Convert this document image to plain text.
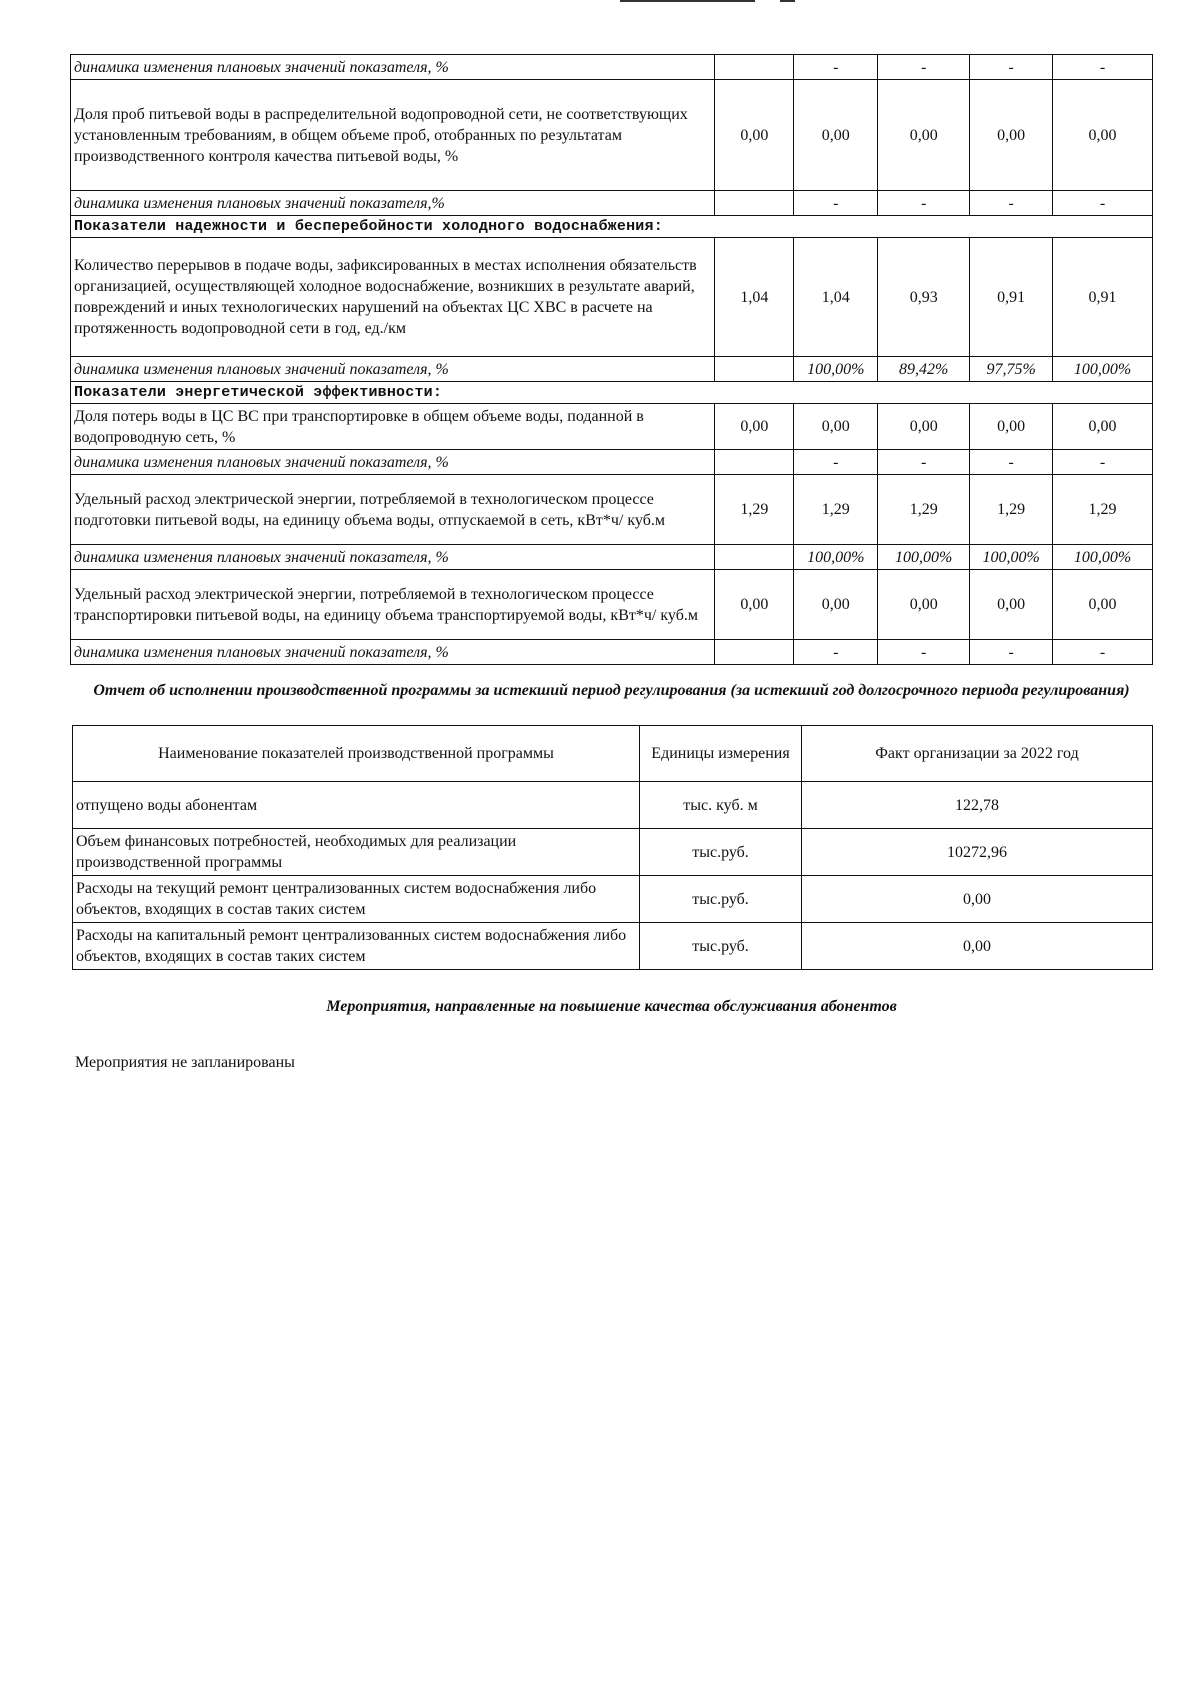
динамика изменения плановых значений показателя, %		-	-	-	-
Доля проб питьевой воды в распределительной водопроводной сети, не соответствующих установленным требованиям, в общем объеме проб, отобранных по результатам производственного контроля качества питьевой воды, %	0,00	0,00	0,00	0,00	0,00
динамика изменения плановых значений показателя,%		-	-	-	-
Показатели надежности и бесперебойности холодного водоснабжения:					
Количество перерывов в подаче воды, зафиксированных в местах исполнения обязательств организацией, осуществляющей холодное водоснабжение, возникших в результате аварий, повреждений и иных технологических нарушений на объектах ЦС ХВС в расчете на протяженность водопроводной сети в год, ед./км	1,04	1,04	0,93	0,91	0,91
динамика изменения плановых значений показателя, %		100,00%	89,42%	97,75%	100,00%
Показатели энергетической эффективности:					
Доля потерь воды в ЦС ВС при транспортировке в общем объеме воды, поданной в водопроводную сеть, %	0,00	0,00	0,00	0,00	0,00
динамика изменения плановых значений показателя, %		-	-	-	-
Удельный расход электрической энергии, потребляемой в технологическом процессе подготовки питьевой воды, на единицу объема воды, отпускаемой в сеть, кВт*ч/ куб.м	1,29	1,29	1,29	1,29	1,29
динамика изменения плановых значений показателя, %		100,00%	100,00%	100,00%	100,00%
Удельный расход электрической энергии, потребляемой в технологическом процессе транспортировки питьевой воды, на единицу объема транспортируемой воды, кВт*ч/ куб.м	0,00	0,00	0,00	0,00	0,00
динамика изменения плановых значений показателя, %		-	-	-	-
Отчет об исполнении производственной программы за истекший период регулирования (за истекший год долгосрочного периода регулирования)
Наименование показателей производственной программы	Единицы измерения	Факт организации за 2022 год
отпущено воды абонентам	тыс. куб. м	122,78
Объем финансовых потребностей, необходимых для реализации производственной программы	тыс.руб.	10272,96
Расходы на текущий ремонт централизованных систем водоснабжения либо объектов, входящих в состав таких систем	тыс.руб.	0,00
Расходы на капитальный ремонт централизованных систем водоснабжения либо объектов, входящих в состав таких систем	тыс.руб.	0,00
Мероприятия, направленные на повышение качества обслуживания абонентов
Мероприятия не запланированы
